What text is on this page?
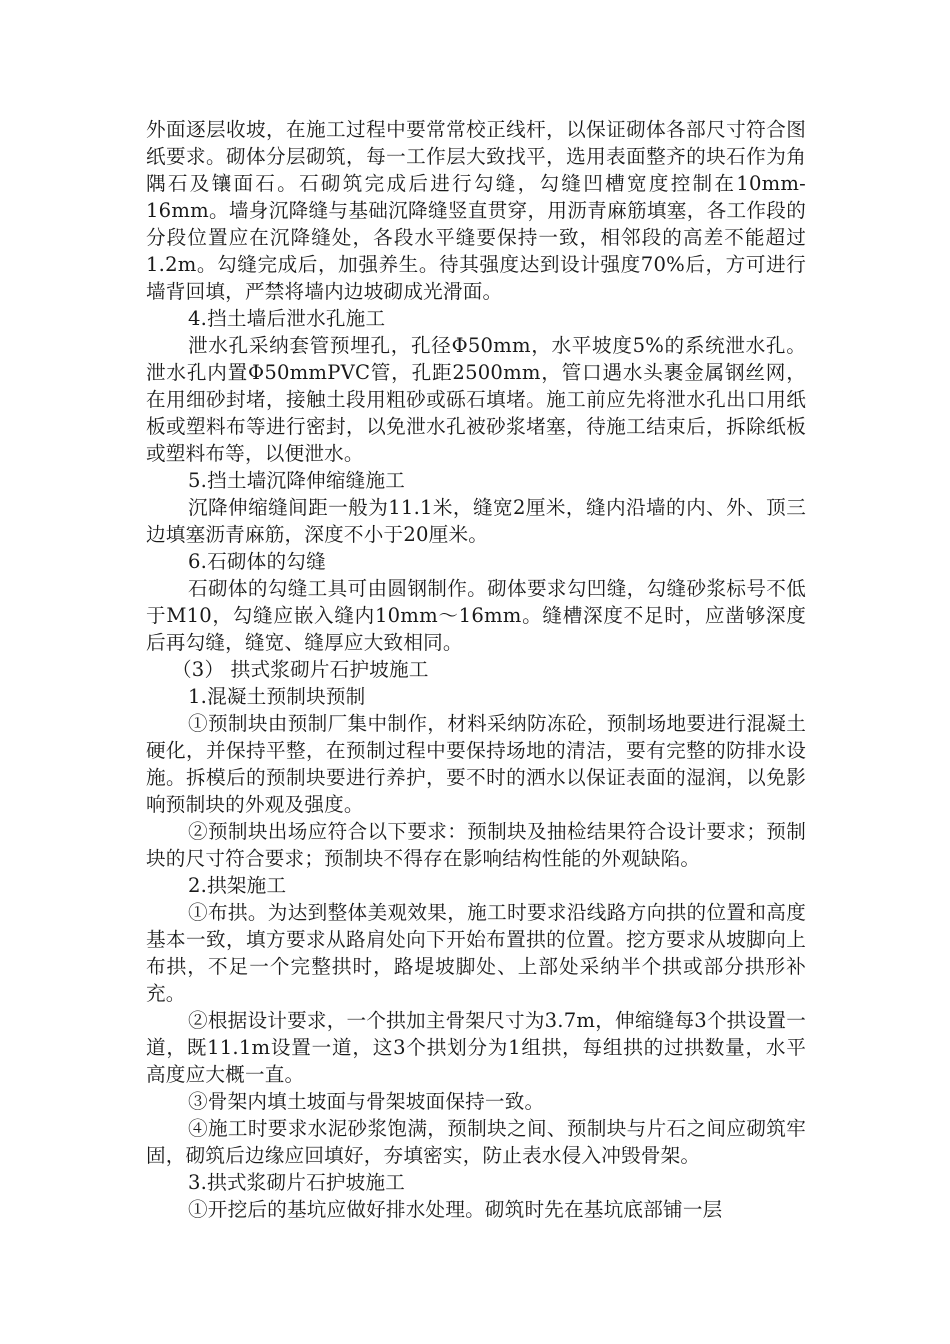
外面逐层收坡，在施工过程中要常常校正线杆，以保证砌体各部尺寸符合图纸要求。砌体分层砌筑，每一工作层大致找平，选用表面整齐的块石作为角隅石及镶面石。石砌筑完成后进行勾缝，勾缝凹槽宽度控制在10mm-16mm。墙身沉降缝与基础沉降缝竖直贯穿，用沥青麻筋填塞，各工作段的分段位置应在沉降缝处，各段水平缝要保持一致，相邻段的高差不能超过1.2m。勾缝完成后，加强养生。待其强度达到设计强度70%后，方可进行墙背回填，严禁将墙内边坡砌成光滑面。

4.挡土墙后泄水孔施工

泄水孔采纳套管预埋孔，孔径Φ50mm，水平坡度5%的系统泄水孔。泄水孔内置Φ50mmPVC管，孔距2500mm，管口遇水头裹金属钢丝网，在用细砂封堵，接触土段用粗砂或砾石填堵。施工前应先将泄水孔出口用纸板或塑料布等进行密封，以免泄水孔被砂浆堵塞，待施工结束后，拆除纸板或塑料布等，以便泄水。

5.挡土墙沉降伸缩缝施工

沉降伸缩缝间距一般为11.1米，缝宽2厘米，缝内沿墙的内、外、顶三边填塞沥青麻筋，深度不小于20厘米。

6.石砌体的勾缝

石砌体的勾缝工具可由圆钢制作。砌体要求勾凹缝，勾缝砂浆标号不低于M10，勾缝应嵌入缝内10mm～16mm。缝槽深度不足时，应凿够深度后再勾缝，缝宽、缝厚应大致相同。

（3） 拱式浆砌片石护坡施工

1.混凝土预制块预制

①预制块由预制厂集中制作，材料采纳防冻砼，预制场地要进行混凝土硬化，并保持平整，在预制过程中要保持场地的清洁，要有完整的防排水设施。拆模后的预制块要进行养护，要不时的洒水以保证表面的湿润，以免影响预制块的外观及强度。

②预制块出场应符合以下要求：预制块及抽检结果符合设计要求；预制块的尺寸符合要求；预制块不得存在影响结构性能的外观缺陷。

2.拱架施工

①布拱。为达到整体美观效果，施工时要求沿线路方向拱的位置和高度基本一致，填方要求从路肩处向下开始布置拱的位置。挖方要求从坡脚向上布拱，不足一个完整拱时，路堤坡脚处、上部处采纳半个拱或部分拱形补充。

②根据设计要求，一个拱加主骨架尺寸为3.7m，伸缩缝每3个拱设置一道，既11.1m设置一道，这3个拱划分为1组拱，每组拱的过拱数量，水平高度应大概一直。

③骨架内填土坡面与骨架坡面保持一致。

④施工时要求水泥砂浆饱满，预制块之间、预制块与片石之间应砌筑牢固，砌筑后边缘应回填好，夯填密实，防止表水侵入冲毁骨架。

3.拱式浆砌片石护坡施工

①开挖后的基坑应做好排水处理。砌筑时先在基坑底部铺一层
